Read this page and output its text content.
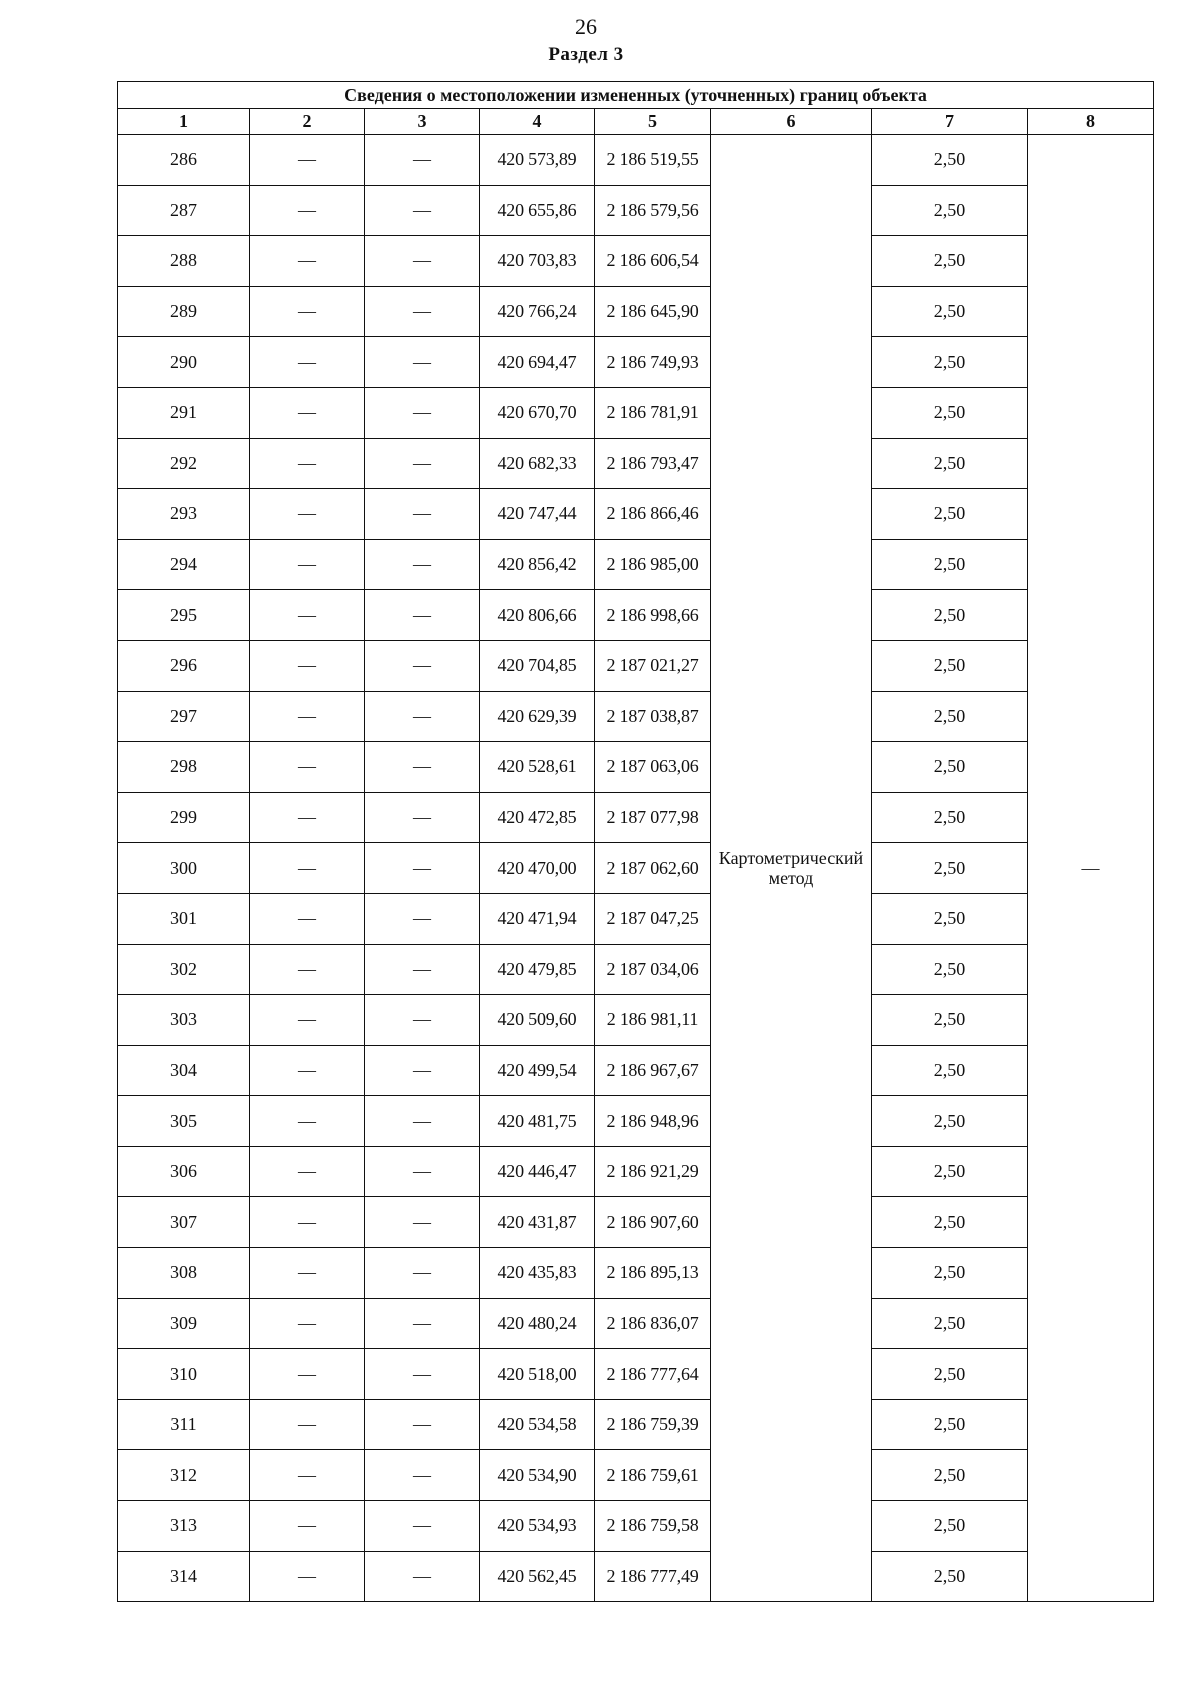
26
Раздел 3
Сведения о местоположении измененных (уточненных) границ объекта							
1	2	3	4	5	6	7	8
286	—	—	420 573,89	2 186 519,55	Картометрический метод	2,50	—
287	—	—	420 655,86	2 186 579,56		2,50	
288	—	—	420 703,83	2 186 606,54		2,50	
289	—	—	420 766,24	2 186 645,90		2,50	
290	—	—	420 694,47	2 186 749,93		2,50	
291	—	—	420 670,70	2 186 781,91		2,50	
292	—	—	420 682,33	2 186 793,47		2,50	
293	—	—	420 747,44	2 186 866,46		2,50	
294	—	—	420 856,42	2 186 985,00		2,50	
295	—	—	420 806,66	2 186 998,66		2,50	
296	—	—	420 704,85	2 187 021,27		2,50	
297	—	—	420 629,39	2 187 038,87		2,50	
298	—	—	420 528,61	2 187 063,06		2,50	
299	—	—	420 472,85	2 187 077,98		2,50	
300	—	—	420 470,00	2 187 062,60		2,50	
301	—	—	420 471,94	2 187 047,25		2,50	
302	—	—	420 479,85	2 187 034,06		2,50	
303	—	—	420 509,60	2 186 981,11		2,50	
304	—	—	420 499,54	2 186 967,67		2,50	
305	—	—	420 481,75	2 186 948,96		2,50	
306	—	—	420 446,47	2 186 921,29		2,50	
307	—	—	420 431,87	2 186 907,60		2,50	
308	—	—	420 435,83	2 186 895,13		2,50	
309	—	—	420 480,24	2 186 836,07		2,50	
310	—	—	420 518,00	2 186 777,64		2,50	
311	—	—	420 534,58	2 186 759,39		2,50	
312	—	—	420 534,90	2 186 759,61		2,50	
313	—	—	420 534,93	2 186 759,58		2,50	
314	—	—	420 562,45	2 186 777,49		2,50	
